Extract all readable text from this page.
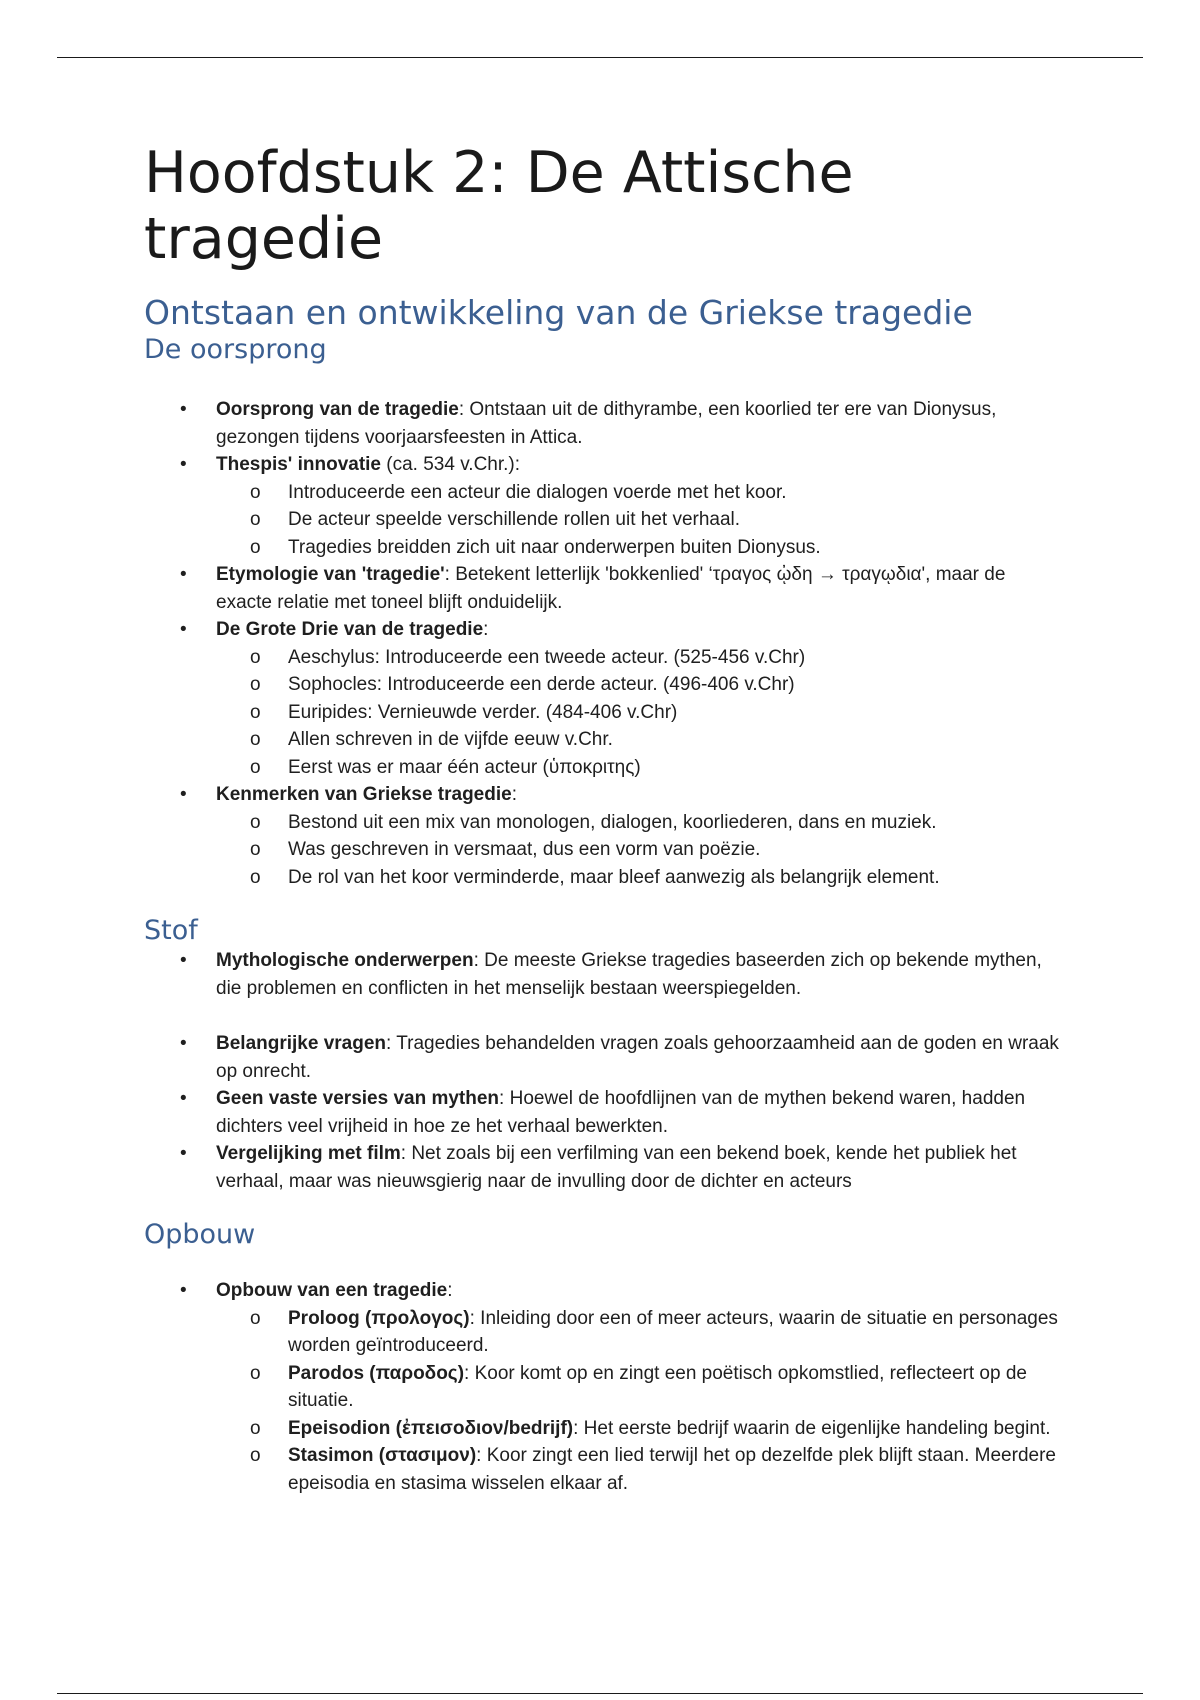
Hoofdstuk 2: De Attische tragedie
Ontstaan en ontwikkeling van de Griekse tragedie
De oorsprong
• Oorsprong van de tragedie: Ontstaan uit de dithyrambe, een koorlied ter ere van Dionysus, gezongen tijdens voorjaarsfeesten in Attica.
• Thespis' innovatie (ca. 534 v.Chr.):
o Introduceerde een acteur die dialogen voerde met het koor.
o De acteur speelde verschillende rollen uit het verhaal.
o Tragedies breidden zich uit naar onderwerpen buiten Dionysus.
• Etymologie van 'tragedie': Betekent letterlijk 'bokkenlied' ‘τραγος ᾠδη → τραγῳδια', maar de exacte relatie met toneel blijft onduidelijk.
• De Grote Drie van de tragedie:
o Aeschylus: Introduceerde een tweede acteur. (525-456 v.Chr)
o Sophocles: Introduceerde een derde acteur. (496-406 v.Chr)
o Euripides: Vernieuwde verder. (484-406 v.Chr)
o Allen schreven in de vijfde eeuw v.Chr.
o Eerst was er maar één acteur (ὑποκριτης)
• Kenmerken van Griekse tragedie:
o Bestond uit een mix van monologen, dialogen, koorliederen, dans en muziek.
o Was geschreven in versmaat, dus een vorm van poëzie.
o De rol van het koor verminderde, maar bleef aanwezig als belangrijk element.
Stof
• Mythologische onderwerpen: De meeste Griekse tragedies baseerden zich op bekende mythen, die problemen en conflicten in het menselijk bestaan weerspiegelden.
• Belangrijke vragen: Tragedies behandelden vragen zoals gehoorzaamheid aan de goden en wraak op onrecht.
• Geen vaste versies van mythen: Hoewel de hoofdlijnen van de mythen bekend waren, hadden dichters veel vrijheid in hoe ze het verhaal bewerkten.
• Vergelijking met film: Net zoals bij een verfilming van een bekend boek, kende het publiek het verhaal, maar was nieuwsgierig naar de invulling door de dichter en acteurs
Opbouw
• Opbouw van een tragedie:
o Proloog (προλογος): Inleiding door een of meer acteurs, waarin de situatie en personages worden geïntroduceerd.
o Parodos (παροδος): Koor komt op en zingt een poëtisch opkomstlied, reflecteert op de situatie.
o Epeisodion (ἐπεισοδιον/bedrijf): Het eerste bedrijf waarin de eigenlijke handeling begint.
o Stasimon (στασιμον): Koor zingt een lied terwijl het op dezelfde plek blijft staan. Meerdere epeisodia en stasima wisselen elkaar af.
